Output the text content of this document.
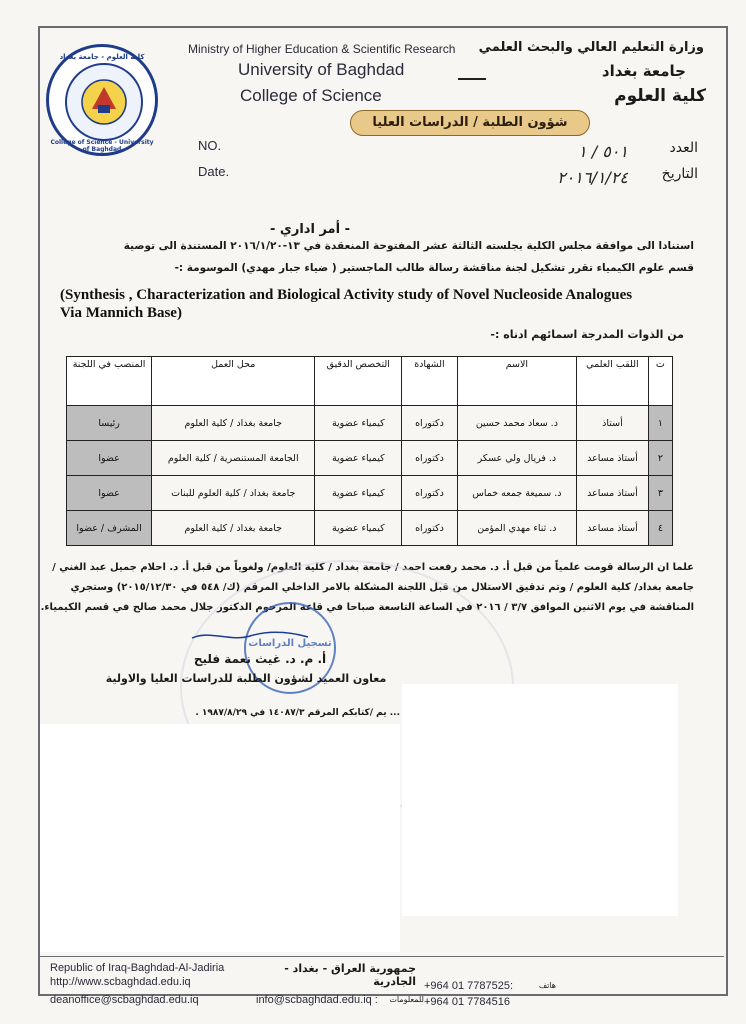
كلية العلوم - جامعة بغداد
College of Science - University of Baghdad
Ministry of Higher Education & Scientific Research
University of Baghdad
College of Science
وزارة التعليم العالي والبحث العلمي
جامعة بغداد
كلية العلوم
شؤون الطلبة / الدراسات العليا
NO.
Date.
العدد
التاريخ
٥٠١ / ١
٢٠١٦/١/٢٤
- أمر اداري -
استنادا الى موافقة مجلس الكلية بجلسته الثالثة عشر المفتوحة المنعقدة في ١٣-٢٠١٦/١/٢٠ المستندة الى توصية
قسم علوم الكيمياء تقرر تشكيل لجنة مناقشة رسالة طالب الماجستير ( ضياء جبار مهدي) الموسومة :-
(Synthesis , Characterization and Biological Activity study of Novel Nucleoside Analogues
Via Mannich Base)
من الذوات المدرجة اسمائهم ادناه :-
ت	اللقب العلمي	الاسم	الشهادة	التخصص الدقيق	محل العمل	المنصب في اللجنة
١	أستاذ	د. سعاد محمد حسين	دكتوراه	كيمياء عضوية	جامعة بغداد / كلية العلوم	رئيسا
٢	أستاذ مساعد	د. فريال ولي عسكر	دكتوراه	كيمياء عضوية	الجامعة المستنصرية / كلية العلوم	عضوا
٣	أستاذ مساعد	د. سميعة جمعه خماس	دكتوراه	كيمياء عضوية	جامعة بغداد / كلية العلوم للبنات	عضوا
٤	أستاذ مساعد	د. ثناء مهدي المؤمن	دكتوراه	كيمياء عضوية	جامعة بغداد / كلية العلوم	المشرف / عضوا
علما ان الرسالة قومت علمياً من قبل أ. د. محمد رفعت احمد / جامعة بغداد / كلية العلوم/ ولغوياً من قبل أ. د. احلام جميل عبد الغني /
جامعة بغداد/ كلية العلوم / وتم تدقيق الاستلال من قبل اللجنة المشكلة بالامر الداخلي المرقم (ك/ ٥٤٨ في ٢٠١٥/١٢/٣٠) وستجري
المناقشة في يوم الاثنين الموافق ٣/٧ / ٢٠١٦ في الساعة التاسعة صباحا في قاعة المرحوم الدكتور جلال محمد صالح في قسم الكيمياء.
تسجيل الدراسات
أ. م. د. غيث نعمة فليح
معاون العميد لشؤون الطلبة للدراسات العليا والاولية
... يم /كتابكم المرقم ١٤٠٨٧/٣ في ١٩٨٧/٨/٢٩ .
Republic of Iraq-Baghdad-Al-Jadiria
http://www.scbaghdad.edu.iq
deanoffice@scbaghdad.edu.iq
جمهورية العراق - بغداد - الجادرية
info@scbaghdad.edu.iq :	للمعلومات
+964 01 7787525:
+964 01 7784516
هاتف
